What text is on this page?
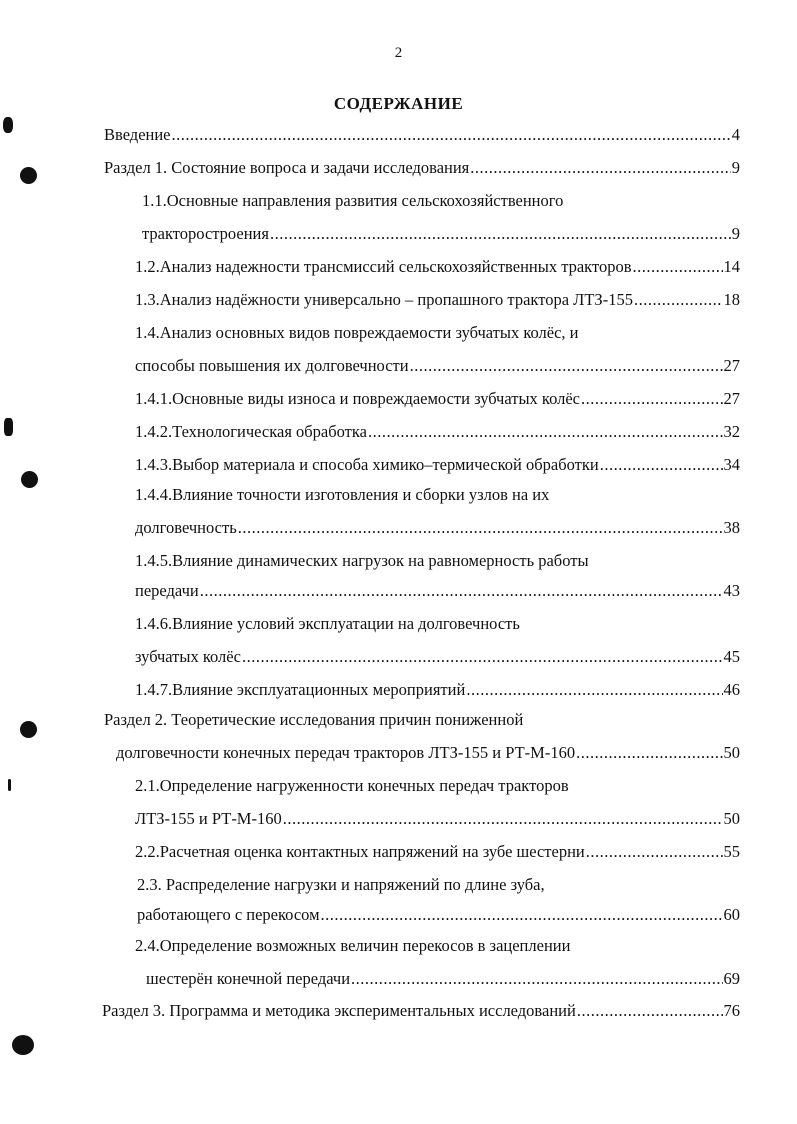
2
СОДЕРЖАНИЕ
Введение .....	4
Раздел 1. Состояние вопроса и задачи исследования .....	9
1.1.Основные направления развития сельскохозяйственного
тракторостроения .....	9
1.2.Анализ надежности трансмиссий сельскохозяйственных тракторов .....	14
1.3.Анализ надёжности универсально – пропашного трактора ЛТЗ-155 .....	18
1.4.Анализ основных видов повреждаемости зубчатых колёс, и
способы повышения их долговечности .....	27
1.4.1.Основные виды износа и повреждаемости зубчатых колёс .....	27
1.4.2.Технологическая обработка .....	32
1.4.3.Выбор материала и способа химико–термической обработки .....	34
1.4.4.Влияние точности изготовления и сборки узлов на их
долговечность .....	38
1.4.5.Влияние динамических нагрузок на равномерность работы
передачи .....	43
1.4.6.Влияние условий эксплуатации на долговечность
зубчатых колёс .....	45
1.4.7.Влияние эксплуатационных мероприятий .....	46
Раздел 2. Теоретические исследования причин пониженной
долговечности конечных передач тракторов ЛТЗ-155 и РТ-М-160 .....	50
2.1.Определение нагруженности конечных передач тракторов
ЛТЗ-155 и РТ-М-160 .....	50
2.2.Расчетная оценка контактных напряжений на зубе шестерни .....	55
2.3. Распределение нагрузки и напряжений по длине зуба,
работающего с перекосом .....	60
2.4.Определение возможных величин перекосов в зацеплении
шестерён конечной передачи .....	69
Раздел 3. Программа и методика экспериментальных исследований .....	76
